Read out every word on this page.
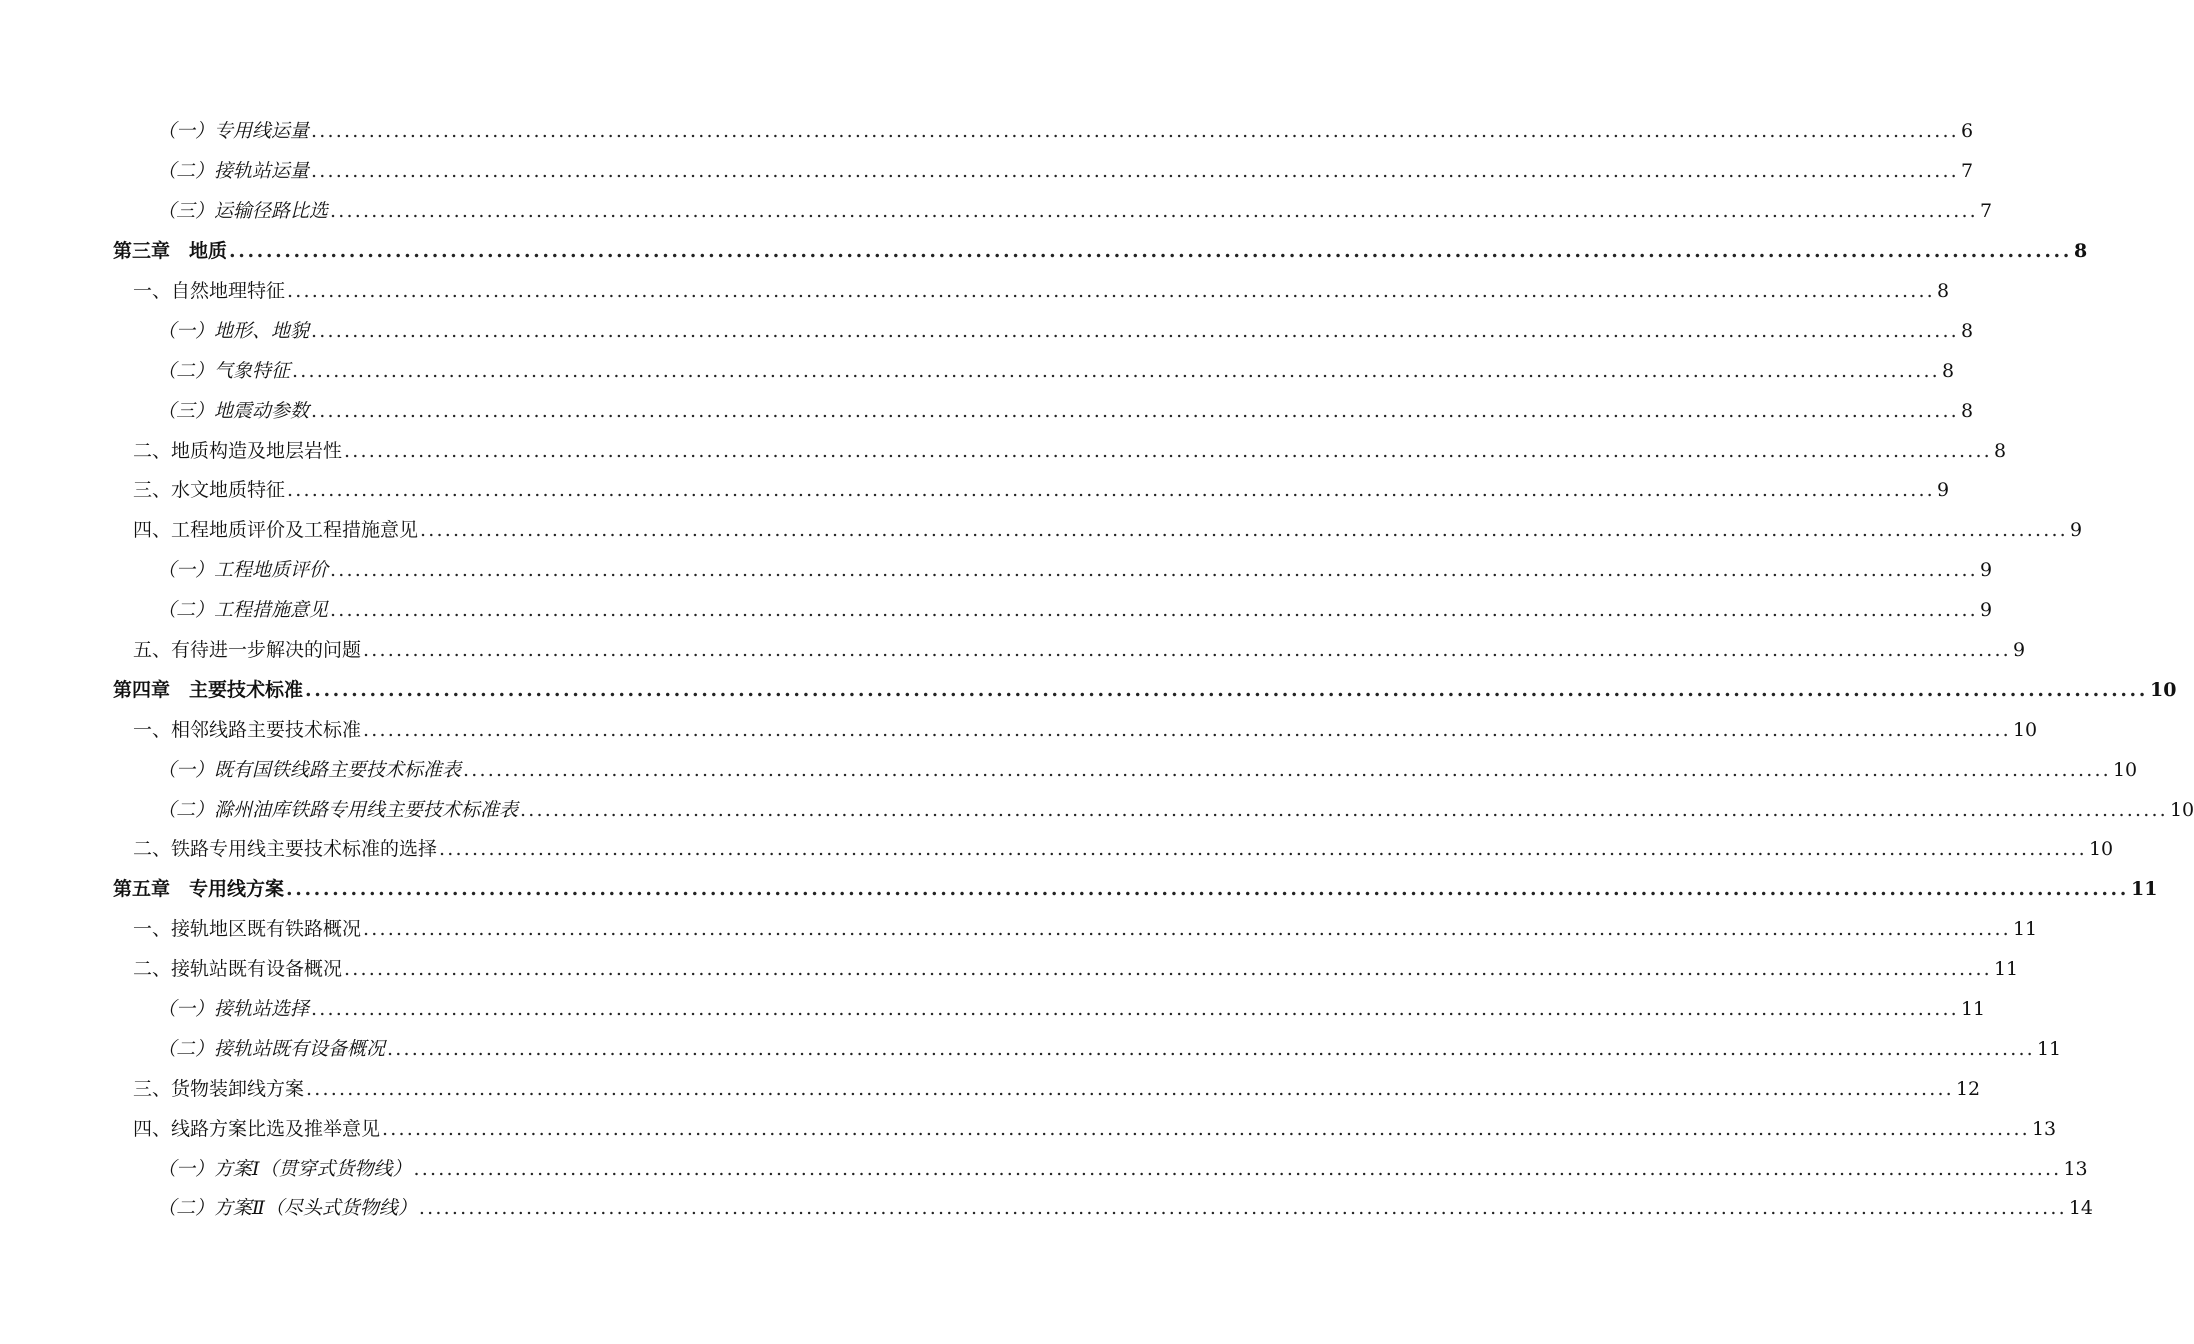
（一）专用线运量 ........................................................................................................................................................................................................ 6
（二）接轨站运量 ........................................................................................................................................................................................................ 7
（三）运输径路比选 ........................................................................................................................................................................................................ 7
第三章　地质 ........................................................................................................................................................................................................ 8
一、自然地理特征 ........................................................................................................................................................................................................ 8
（一）地形、地貌 ........................................................................................................................................................................................................ 8
（二）气象特征 ........................................................................................................................................................................................................ 8
（三）地震动参数 ........................................................................................................................................................................................................ 8
二、地质构造及地层岩性 ........................................................................................................................................................................................................ 8
三、水文地质特征 ........................................................................................................................................................................................................ 9
四、工程地质评价及工程措施意见 ........................................................................................................................................................................................................ 9
（一）工程地质评价 ........................................................................................................................................................................................................ 9
（二）工程措施意见 ........................................................................................................................................................................................................ 9
五、有待进一步解决的问题 ........................................................................................................................................................................................................ 9
第四章　主要技术标准 ........................................................................................................................................................................................................ 10
一、相邻线路主要技术标准 ........................................................................................................................................................................................................ 10
（一）既有国铁线路主要技术标准表 ........................................................................................................................................................................................................ 10
（二）滁州油库铁路专用线主要技术标准表 ........................................................................................................................................................................................................ 10
二、铁路专用线主要技术标准的选择 ........................................................................................................................................................................................................ 10
第五章　专用线方案 ........................................................................................................................................................................................................ 11
一、接轨地区既有铁路概况 ........................................................................................................................................................................................................ 11
二、接轨站既有设备概况 ........................................................................................................................................................................................................ 11
（一）接轨站选择 ........................................................................................................................................................................................................ 11
（二）接轨站既有设备概况 ........................................................................................................................................................................................................ 11
三、货物装卸线方案 ........................................................................................................................................................................................................ 12
四、线路方案比选及推举意见 ........................................................................................................................................................................................................ 13
（一）方案Ⅰ（贯穿式货物线） ........................................................................................................................................................................................................ 13
（二）方案Ⅱ（尽头式货物线） ........................................................................................................................................................................................................ 14
